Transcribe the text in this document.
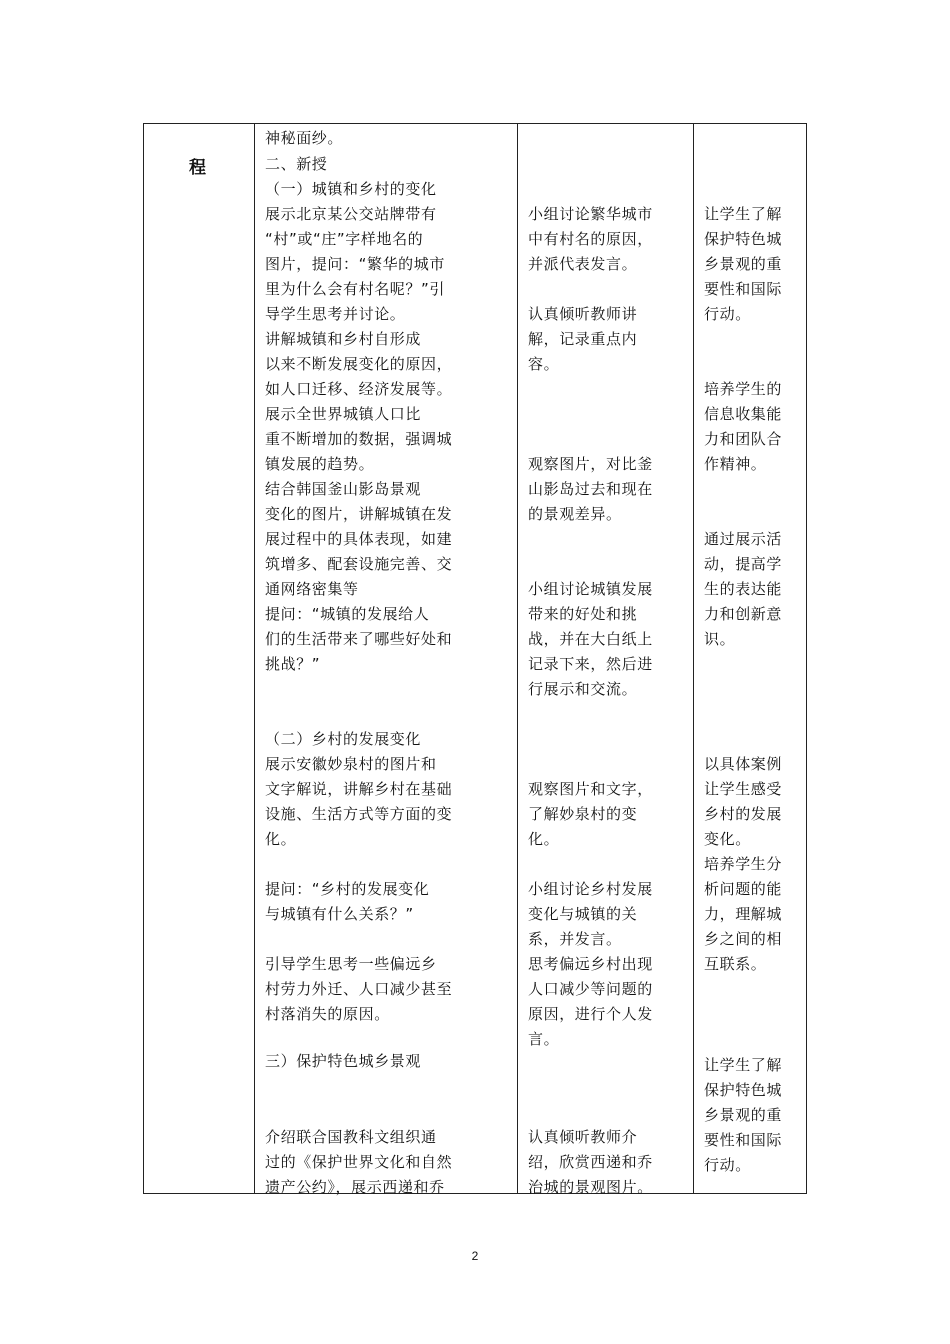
程
神秘面纱。
二、新授
（一）城镇和乡村的变化
展示北京某公交站牌带有
“村”或“庄”字样地名的
图片，提问：“繁华的城市
里为什么会有村名呢？”引
导学生思考并讨论。
讲解城镇和乡村自形成
以来不断发展变化的原因，
如人口迁移、经济发展等。
展示全世界城镇人口比
重不断增加的数据，强调城
镇发展的趋势。
结合韩国釜山影岛景观
变化的图片，讲解城镇在发
展过程中的具体表现，如建
筑增多、配套设施完善、交
通网络密集等
提问：“城镇的发展给人
们的生活带来了哪些好处和
挑战？”
（二）乡村的发展变化
展示安徽妙泉村的图片和
文字解说，讲解乡村在基础
设施、生活方式等方面的变
化。
提问：“乡村的发展变化
与城镇有什么关系？”
引导学生思考一些偏远乡
村劳力外迁、人口减少甚至
村落消失的原因。
三）保护特色城乡景观
介绍联合国教科文组织通
过的《保护世界文化和自然
遗产公约》，展示西递和乔
小组讨论繁华城市
中有村名的原因，
并派代表发言。
认真倾听教师讲
解，记录重点内
容。
观察图片，对比釜
山影岛过去和现在
的景观差异。
小组讨论城镇发展
带来的好处和挑
战，并在大白纸上
记录下来，然后进
行展示和交流。
观察图片和文字，
了解妙泉村的变
化。
小组讨论乡村发展
变化与城镇的关
系，并发言。
思考偏远乡村出现
人口减少等问题的
原因，进行个人发
言。
认真倾听教师介
绍，欣赏西递和乔
治城的景观图片。
让学生了解
保护特色城
乡景观的重
要性和国际
行动。
培养学生的
信息收集能
力和团队合
作精神。
通过展示活
动，提高学
生的表达能
力和创新意
识。
以具体案例
让学生感受
乡村的发展
变化。
培养学生分
析问题的能
力，理解城
乡之间的相
互联系。
让学生了解
保护特色城
乡景观的重
要性和国际
行动。
2
